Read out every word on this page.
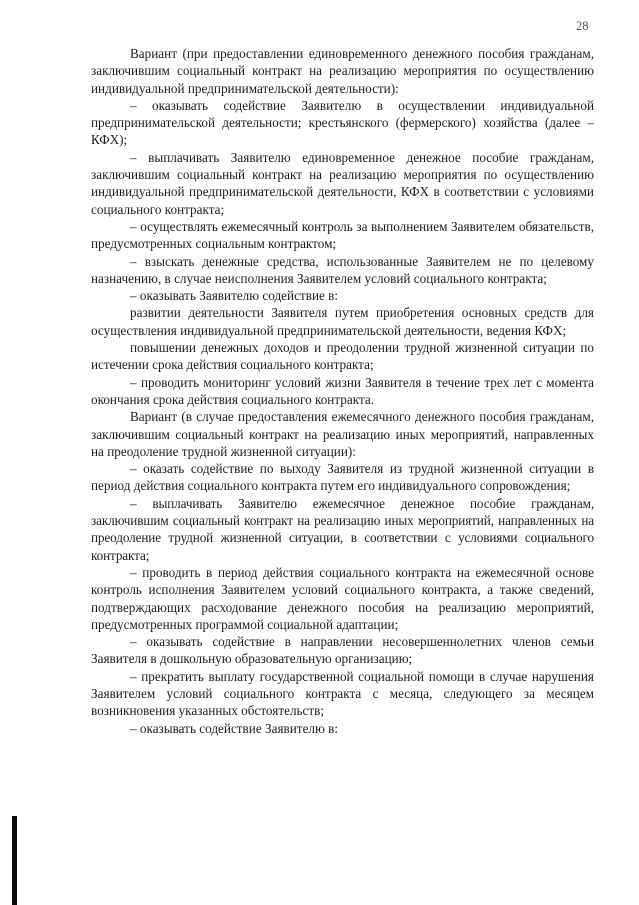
28

Вариант (при предоставлении единовременного денежного пособия гражданам, заключившим социальный контракт на реализацию мероприятия по осуществлению индивидуальной предпринимательской деятельности):

– оказывать содействие Заявителю в осуществлении индивидуальной предпринимательской деятельности; крестьянского (фермерского) хозяйства (далее – КФХ);

– выплачивать Заявителю единовременное денежное пособие гражданам, заключившим социальный контракт на реализацию мероприятия по осуществлению индивидуальной предпринимательской деятельности, КФХ в соответствии с условиями социального контракта;

– осуществлять ежемесячный контроль за выполнением Заявителем обязательств, предусмотренных социальным контрактом;

– взыскать денежные средства, использованные Заявителем не по целевому назначению, в случае неисполнения Заявителем условий социального контракта;

– оказывать Заявителю содействие в:

развитии деятельности Заявителя путем приобретения основных средств для осуществления индивидуальной предпринимательской деятельности, ведения КФХ;

повышении денежных доходов и преодолении трудной жизненной ситуации по истечении срока действия социального контракта;

– проводить мониторинг условий жизни Заявителя в течение трех лет с момента окончания срока действия социального контракта.

Вариант (в случае предоставления ежемесячного денежного пособия гражданам, заключившим социальный контракт на реализацию иных мероприятий, направленных на преодоление трудной жизненной ситуации):

– оказать содействие по выходу Заявителя из трудной жизненной ситуации в период действия социального контракта путем его индивидуального сопровождения;

– выплачивать Заявителю ежемесячное денежное пособие гражданам, заключившим социальный контракт на реализацию иных мероприятий, направленных на преодоление трудной жизненной ситуации, в соответствии с условиями социального контракта;

– проводить в период действия социального контракта на ежемесячной основе контроль исполнения Заявителем условий социального контракта, а также сведений, подтверждающих расходование денежного пособия на реализацию мероприятий, предусмотренных программой социальной адаптации;

– оказывать содействие в направлении несовершеннолетних членов семьи Заявителя в дошкольную образовательную организацию;

– прекратить выплату государственной социальной помощи в случае нарушения Заявителем условий социального контракта с месяца, следующего за месяцем возникновения указанных обстоятельств;

– оказывать содействие Заявителю в:
